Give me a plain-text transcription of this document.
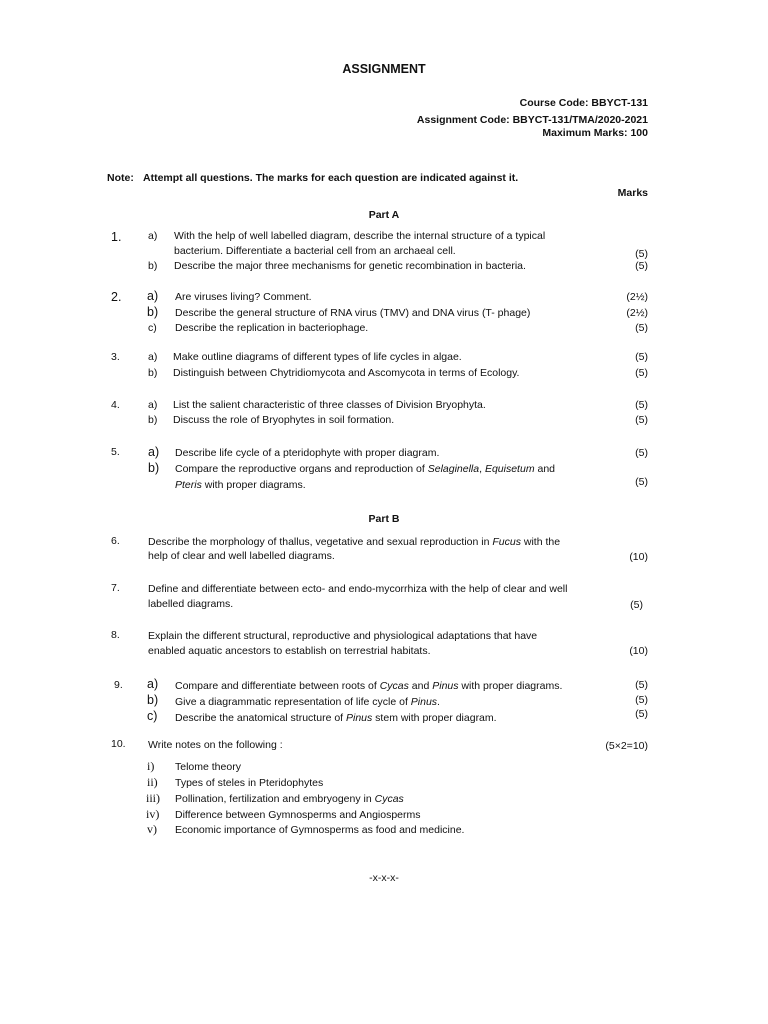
ASSIGNMENT
Course Code: BBYCT-131
Assignment Code: BBYCT-131/TMA/2020-2021
Maximum Marks: 100
Note: Attempt all questions. The marks for each question are indicated against it.
Marks
Part A
1.	a) With the help of well labelled diagram, describe the internal structure of a typical
bacterium. Differentiate a bacterial cell from an archaeal cell.	(5)
b) Describe the major three mechanisms for genetic recombination in bacteria.	(5)
2. a) Are viruses living? Comment.	(2½)
b) Describe the general structure of RNA virus (TMV) and DNA virus (T- phage)	(2½)
c) Describe the replication in bacteriophage.	(5)
3.	a) Make outline diagrams of different types of life cycles in algae.	(5)
b) Distinguish between Chytridiomycota and Ascomycota in terms of Ecology.	(5)
4.	a) List the salient characteristic of three classes of Division Bryophyta.	(5)
b) Discuss the role of Bryophytes in soil formation.	(5)
5. a) Describe life cycle of a pteridophyte with proper diagram.	(5)
b) Compare the reproductive organs and reproduction of Selaginella, Equisetum and
Pteris with proper diagrams.	(5)
Part B
6.	Describe the morphology of thallus, vegetative and sexual reproduction in Fucus with the
help of clear and well labelled diagrams.	(10)
7.	Define and differentiate between ecto- and endo-mycorrhiza with the help of clear and well
labelled diagrams.	(5)
8.	Explain the different structural, reproductive and physiological adaptations that have
enabled aquatic ancestors to establish on terrestrial habitats.	(10)
9. a) Compare and differentiate between roots of Cycas and Pinus with proper diagrams.	(5)
b) Give a diagrammatic representation of life cycle of Pinus.	(5)
c) Describe the anatomical structure of Pinus stem with proper diagram.	(5)
10. Write notes on the following :	(5×2=10)
i) Telome theory
ii) Types of steles in Pteridophytes
iii) Pollination, fertilization and embryogeny in Cycas
iv) Difference between Gymnosperms and Angiosperms
v) Economic importance of Gymnosperms as food and medicine.
-x-x-x-
